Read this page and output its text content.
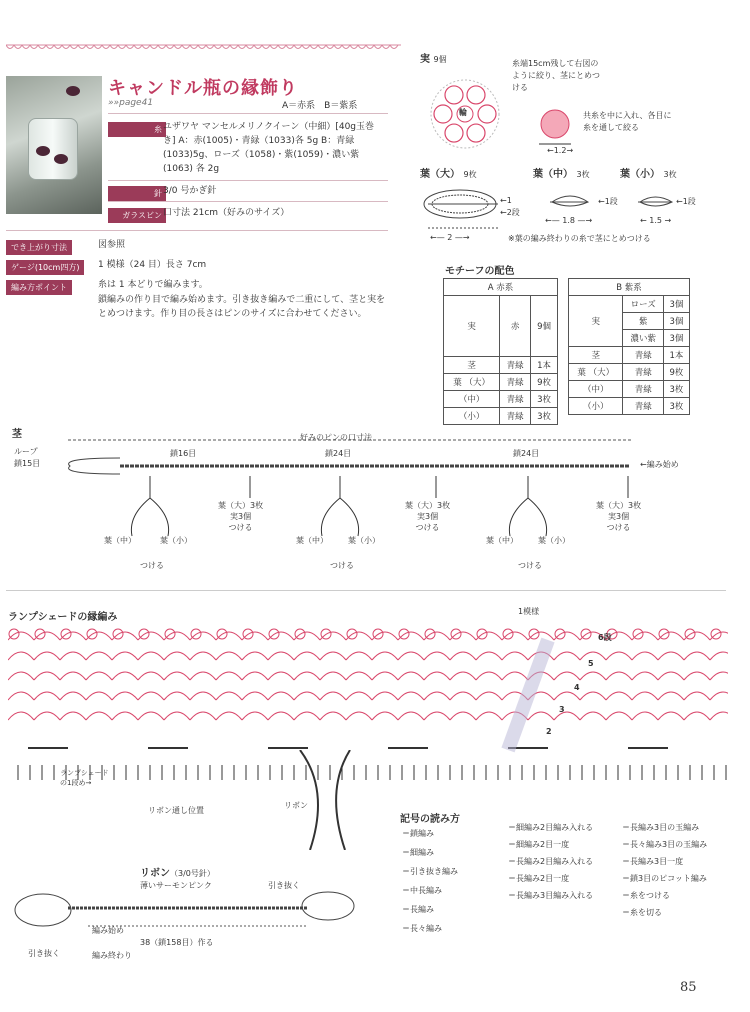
キャンドル瓶の縁飾り
»»page41	A＝赤系　B＝紫系
糸 ユザワヤ マンセルメリノクイーン（中細）[40g玉巻き] A：赤(1005)・青緑（1033)各 5g B：青緑(1033)5g、ローズ（1058)・紫(1059)・濃い紫(1063) 各 2g
針 3/0 号かぎ針
ガラスビン 口寸法 21cm（好みのサイズ）
でき上がり寸法	図参照
ゲージ(10cm四方)	1 模様（24 目）長さ 7cm
編み方ポイント	糸は 1 本どりで編みます。
鎖編みの作り目で編み始めます。引き抜き編みで二重にして、茎と実をとめつけます。作り目の長さはピンのサイズに合わせてください。
実 9個
輪
糸端15cm残して右図のように絞り、茎にとめつける
←1.2→
共糸を中に入れ、各目に糸を通して絞る
葉（大） 9枚	葉（中） 3枚	葉（小） 3枚
←1
←2段
←1段	←1段
←— 2 —→
←— 1.8 —→	← 1.5 →
※葉の編み終わりの糸で茎にとめつける
モチーフの配色
A 赤系		
実	赤	9個
茎	青緑	1本
葉 （大）	青緑	9枚
（中）	青緑	3枚
（小）	青緑	3枚
B 紫系		
実	ローズ	3個
	紫	3個
	濃い紫	3個
茎	青緑	1本
葉 （大）	青緑	9枚
（中）	青緑	3枚
（小）	青緑	3枚
茎
ループ
鎖15目
好みのピンの口寸法
鎖16目	鎖24目	鎖24目
←編み始め
葉（大）3枚
実3個
つける
葉（大）3枚
実3個
つける
葉（大）3枚
実3個
つける
葉（中）	葉（小）
つける
葉（中）	葉（小）
つける
葉（中）	葉（小）
つける
ランプシェードの縁編み
1模様
6段
5
4
3
2
ランプシェードの1段め→
リボン通し位置
リボン
リボン（3/0号針）
薄いサーモンピンク	引き抜く
編み始め
引き抜く	編み終わり
38（鎖158目）作る
記号の読み方
＝鎖編み
＝細編み
＝引き抜き編み
＝中長編み
＝長編み
＝長々編み
＝細編み2目編み入れる
＝細編み2目一度
＝長編み2目編み入れる
＝長編み2目一度
＝長編み3目編み入れる
＝長編み3目の玉編み
＝長々編み3目の玉編み
＝長編み3目一度
＝鎖3目のピコット編み
＝糸をつける
＝糸を切る
85
